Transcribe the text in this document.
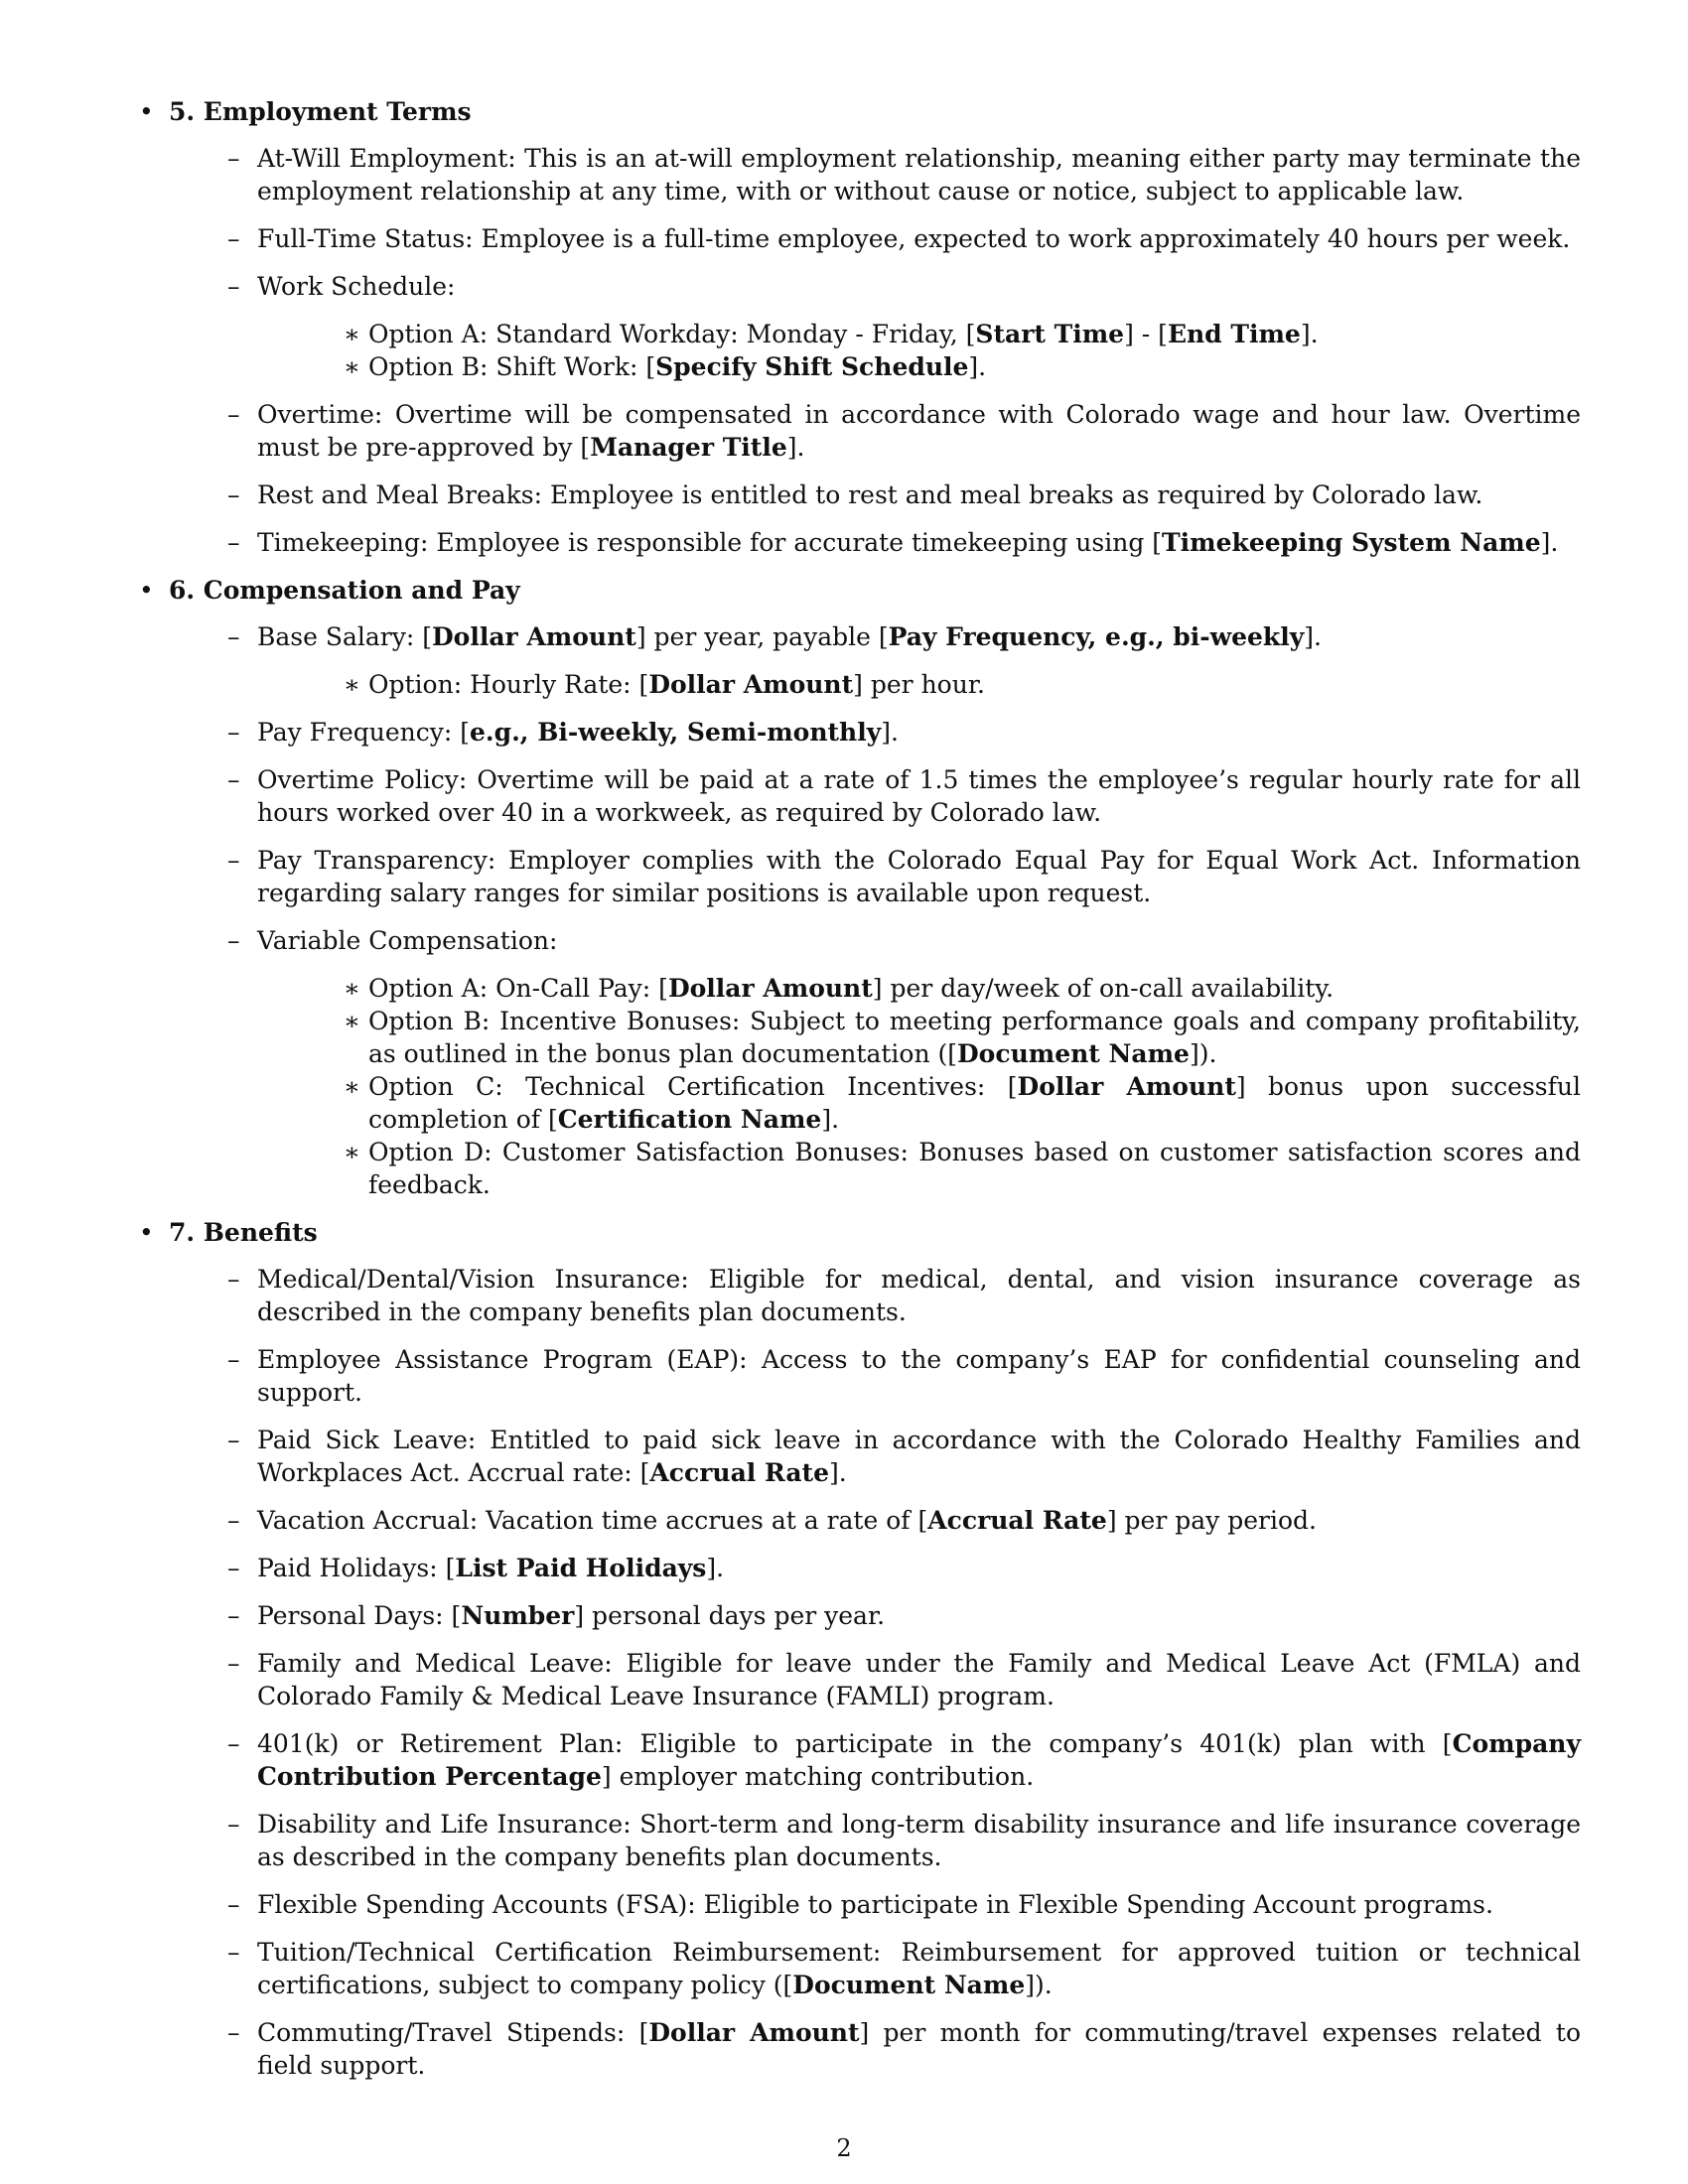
• 5. Employment Terms
– At-Will Employment: This is an at-will employment relationship, meaning either party may terminate the employment relationship at any time, with or without cause or notice, subject to applicable law.
– Full-Time Status: Employee is a full-time employee, expected to work approximately 40 hours per week.
– Work Schedule:
∗ Option A: Standard Workday: Monday - Friday, [Start Time] - [End Time].
∗ Option B: Shift Work: [Specify Shift Schedule].
– Overtime: Overtime will be compensated in accordance with Colorado wage and hour law. Overtime must be pre-approved by [Manager Title].
– Rest and Meal Breaks: Employee is entitled to rest and meal breaks as required by Colorado law.
– Timekeeping: Employee is responsible for accurate timekeeping using [Timekeeping System Name].
• 6. Compensation and Pay
– Base Salary: [Dollar Amount] per year, payable [Pay Frequency, e.g., bi-weekly].
∗ Option: Hourly Rate: [Dollar Amount] per hour.
– Pay Frequency: [e.g., Bi-weekly, Semi-monthly].
– Overtime Policy: Overtime will be paid at a rate of 1.5 times the employee’s regular hourly rate for all hours worked over 40 in a workweek, as required by Colorado law.
– Pay Transparency: Employer complies with the Colorado Equal Pay for Equal Work Act. Information regarding salary ranges for similar positions is available upon request.
– Variable Compensation:
∗ Option A: On-Call Pay: [Dollar Amount] per day/week of on-call availability.
∗ Option B: Incentive Bonuses: Subject to meeting performance goals and company profitability, as outlined in the bonus plan documentation ([Document Name]).
∗ Option C: Technical Certification Incentives: [Dollar Amount] bonus upon successful completion of [Certification Name].
∗ Option D: Customer Satisfaction Bonuses: Bonuses based on customer satisfaction scores and feedback.
• 7. Benefits
– Medical/Dental/Vision Insurance: Eligible for medical, dental, and vision insurance coverage as described in the company benefits plan documents.
– Employee Assistance Program (EAP): Access to the company’s EAP for confidential counseling and support.
– Paid Sick Leave: Entitled to paid sick leave in accordance with the Colorado Healthy Families and Workplaces Act. Accrual rate: [Accrual Rate].
– Vacation Accrual: Vacation time accrues at a rate of [Accrual Rate] per pay period.
– Paid Holidays: [List Paid Holidays].
– Personal Days: [Number] personal days per year.
– Family and Medical Leave: Eligible for leave under the Family and Medical Leave Act (FMLA) and Colorado Family & Medical Leave Insurance (FAMLI) program.
– 401(k) or Retirement Plan: Eligible to participate in the company’s 401(k) plan with [Company Contribution Percentage] employer matching contribution.
– Disability and Life Insurance: Short-term and long-term disability insurance and life insurance coverage as described in the company benefits plan documents.
– Flexible Spending Accounts (FSA): Eligible to participate in Flexible Spending Account programs.
– Tuition/Technical Certification Reimbursement: Reimbursement for approved tuition or technical certifications, subject to company policy ([Document Name]).
– Commuting/Travel Stipends: [Dollar Amount] per month for commuting/travel expenses related to field support.
2
